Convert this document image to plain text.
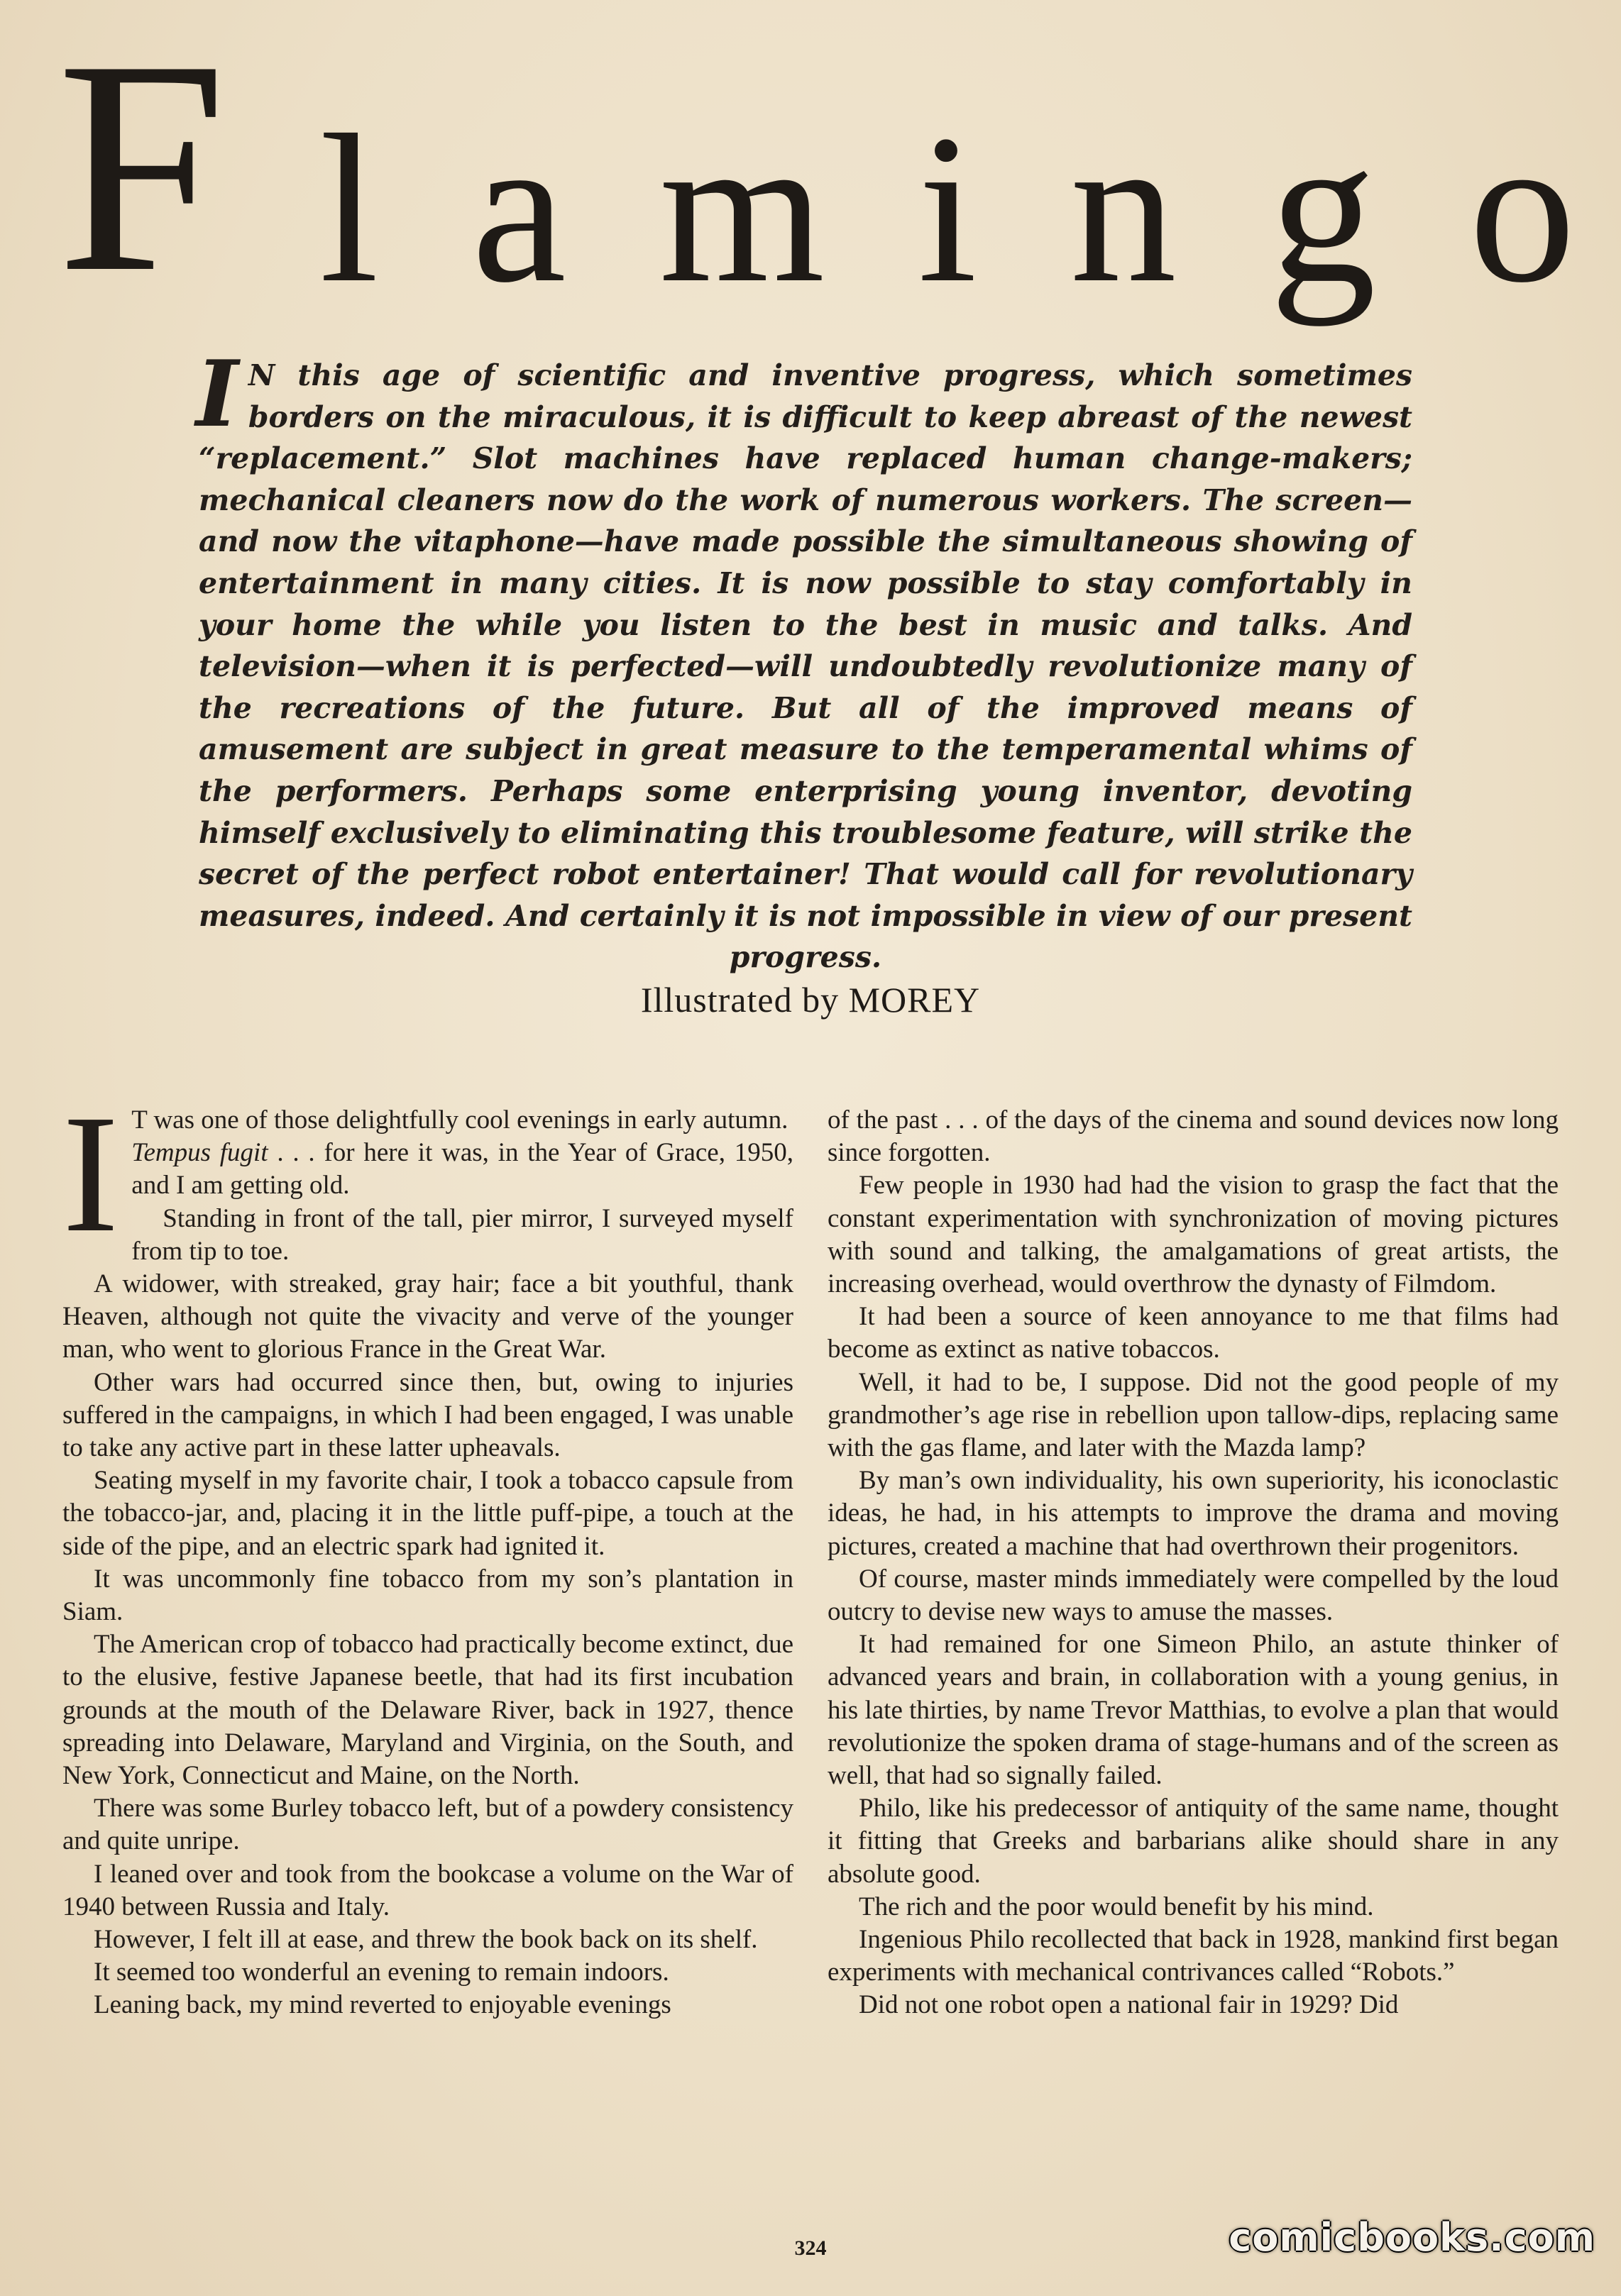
F l a m i n g o
I N this age of scientific and inventive progress, which sometimes borders on the miraculous, it is difficult to keep abreast of the newest “replacement.” Slot machines have replaced human change-makers; mechanical cleaners now do the work of numerous workers. The screen—and now the vitaphone—have made possible the simultaneous showing of entertainment in many cities. It is now possible to stay comfortably in your home the while you listen to the best in music and talks. And television—when it is perfected—will undoubtedly revolutionize many of the recreations of the future. But all of the improved means of amusement are subject in great measure to the temperamental whims of the performers. Perhaps some enterprising young inventor, devoting himself exclusively to eliminating this troublesome feature, will strike the secret of the perfect robot entertainer! That would call for revolutionary measures, indeed. And certainly it is not impossible in view of our present progress.
Illustrated by MOREY
I T was one of those delightfully cool evenings in early autumn.

Tempus fugit . . . for here it was, in the Year of Grace, 1950, and I am getting old.

Standing in front of the tall, pier mirror, I surveyed myself from tip to toe.

A widower, with streaked, gray hair; face a bit youthful, thank Heaven, although not quite the vivacity and verve of the younger man, who went to glorious France in the Great War.

Other wars had occurred since then, but, owing to injuries suffered in the campaigns, in which I had been engaged, I was unable to take any active part in these latter upheavals.

Seating myself in my favorite chair, I took a tobacco capsule from the tobacco-jar, and, placing it in the little puff-pipe, a touch at the side of the pipe, and an electric spark had ignited it.

It was uncommonly fine tobacco from my son’s plantation in Siam.

The American crop of tobacco had practically become extinct, due to the elusive, festive Japanese beetle, that had its first incubation grounds at the mouth of the Delaware River, back in 1927, thence spreading into Delaware, Maryland and Virginia, on the South, and New York, Connecticut and Maine, on the North.

There was some Burley tobacco left, but of a powdery consistency and quite unripe.

I leaned over and took from the bookcase a volume on the War of 1940 between Russia and Italy.

However, I felt ill at ease, and threw the book back on its shelf.

It seemed too wonderful an evening to remain indoors.

Leaning back, my mind reverted to enjoyable evenings

of the past . . . of the days of the cinema and sound devices now long since forgotten.

Few people in 1930 had had the vision to grasp the fact that the constant experimentation with synchronization of moving pictures with sound and talking, the amalgamations of great artists, the increasing overhead, would overthrow the dynasty of Filmdom.

It had been a source of keen annoyance to me that films had become as extinct as native tobaccos.

Well, it had to be, I suppose. Did not the good people of my grandmother’s age rise in rebellion upon tallow-dips, replacing same with the gas flame, and later with the Mazda lamp?

By man’s own individuality, his own superiority, his iconoclastic ideas, he had, in his attempts to improve the drama and moving pictures, created a machine that had overthrown their progenitors.

Of course, master minds immediately were compelled by the loud outcry to devise new ways to amuse the masses.

It had remained for one Simeon Philo, an astute thinker of advanced years and brain, in collaboration with a young genius, in his late thirties, by name Trevor Matthias, to evolve a plan that would revolutionize the spoken drama of stage-humans and of the screen as well, that had so signally failed.

Philo, like his predecessor of antiquity of the same name, thought it fitting that Greeks and barbarians alike should share in any absolute good.

The rich and the poor would benefit by his mind.

Ingenious Philo recollected that back in 1928, mankind first began experiments with mechanical contrivances called “Robots.”

Did not one robot open a national fair in 1929? Did

324	comicbooks.com
